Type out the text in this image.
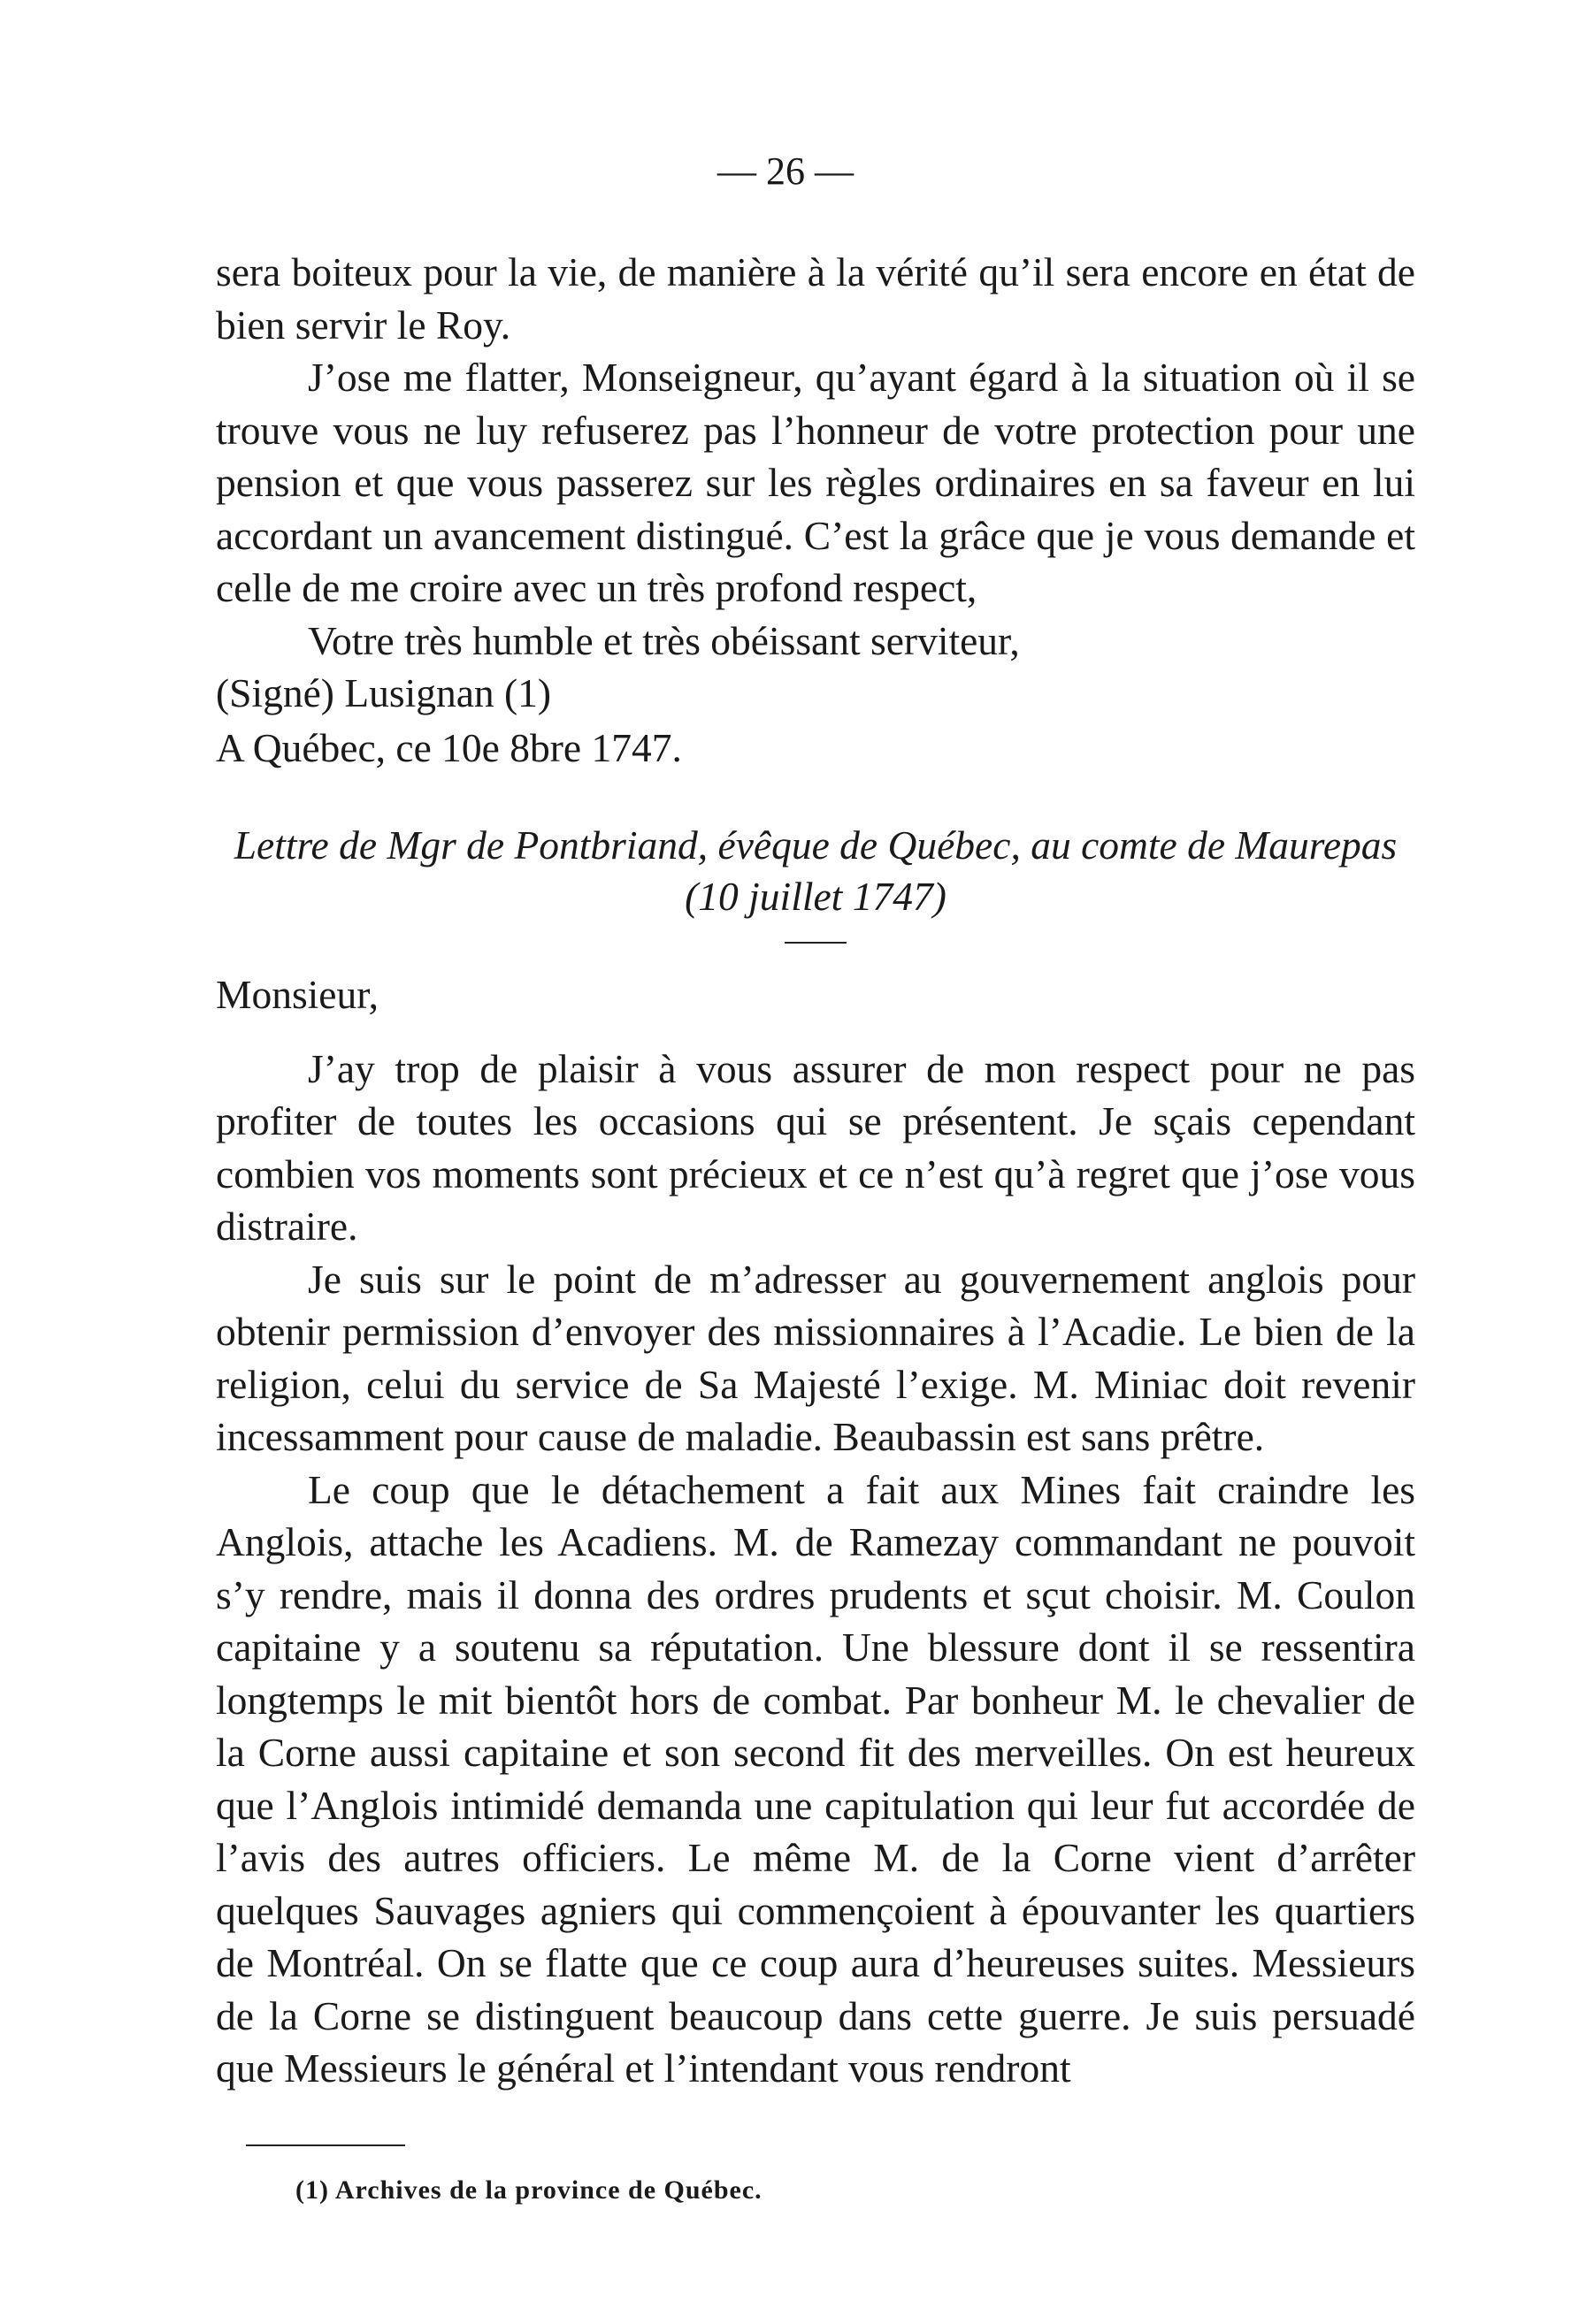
— 26 —

sera boiteux pour la vie, de manière à la vérité qu’il sera encore en état de bien servir le Roy.

J’ose me flatter, Monseigneur, qu’ayant égard à la situation où il se trouve vous ne luy refuserez pas l’honneur de votre protection pour une pension et que vous passerez sur les règles ordinaires en sa faveur en lui accordant un avancement distingué. C’est la grâce que je vous demande et celle de me croire avec un très profond respect,

Votre très humble et très obéissant serviteur,

(Signé) Lusignan (1)

A Québec, ce 10e 8bre 1747.

Lettre de Mgr de Pontbriand, évêque de Québec, au comte de Maurepas (10 juillet 1747)

Monsieur,

J’ay trop de plaisir à vous assurer de mon respect pour ne pas profiter de toutes les occasions qui se présentent. Je sçais cependant combien vos moments sont précieux et ce n’est qu’à regret que j’ose vous distraire.

Je suis sur le point de m’adresser au gouvernement anglois pour obtenir permission d’envoyer des missionnaires à l’Acadie. Le bien de la religion, celui du service de Sa Majesté l’exige. M. Miniac doit revenir incessamment pour cause de maladie. Beaubassin est sans prêtre.

Le coup que le détachement a fait aux Mines fait craindre les Anglois, attache les Acadiens. M. de Ramezay commandant ne pouvoit s’y rendre, mais il donna des ordres prudents et sçut choisir. M. Coulon capitaine y a soutenu sa réputation. Une blessure dont il se ressentira longtemps le mit bientôt hors de combat. Par bonheur M. le chevalier de la Corne aussi capitaine et son second fit des merveilles. On est heureux que l’Anglois intimidé demanda une capitulation qui leur fut accordée de l’avis des autres officiers. Le même M. de la Corne vient d’arrêter quelques Sauvages agniers qui commençoient à épouvanter les quartiers de Montréal. On se flatte que ce coup aura d’heureuses suites. Messieurs de la Corne se distinguent beaucoup dans cette guerre. Je suis persuadé que Messieurs le général et l’intendant vous rendront

(1) Archives de la province de Québec.
